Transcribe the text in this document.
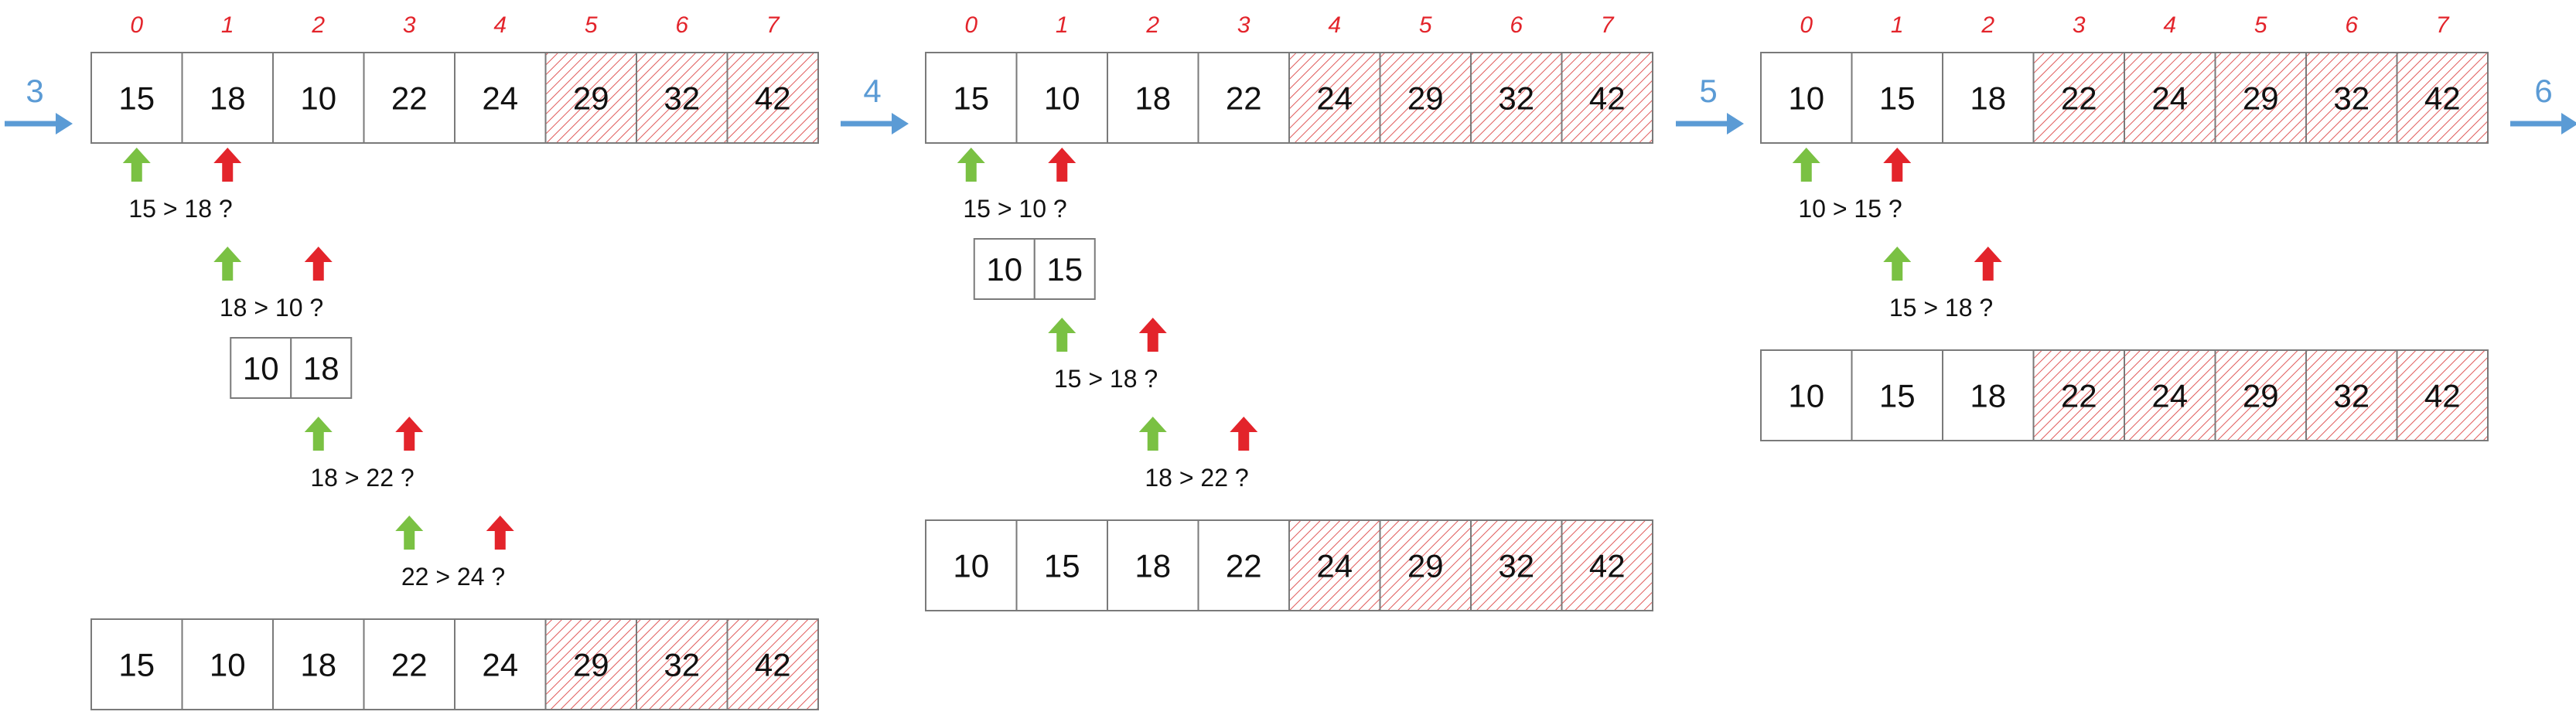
3
0	1	2	3	4	5	6	7
15 18 10 22 24 29 32 42
15 > 18 ?
18 > 10 ?
10 18
18 > 22 ?
22 > 24 ?
15 10 18 22 24 29 32 42
4
0	1	2	3	4	5	6	7
15 10 18 22 24 29 32 42
15 > 10 ?
10 15
15 > 18 ?
18 > 22 ?
10 15 18 22 24 29 32 42
5
0	1	2	3	4	5	6	7
10 15 18 22 24 29 32 42
10 > 15 ?
15 > 18 ?
10 15 18 22 24 29 32 42
6
